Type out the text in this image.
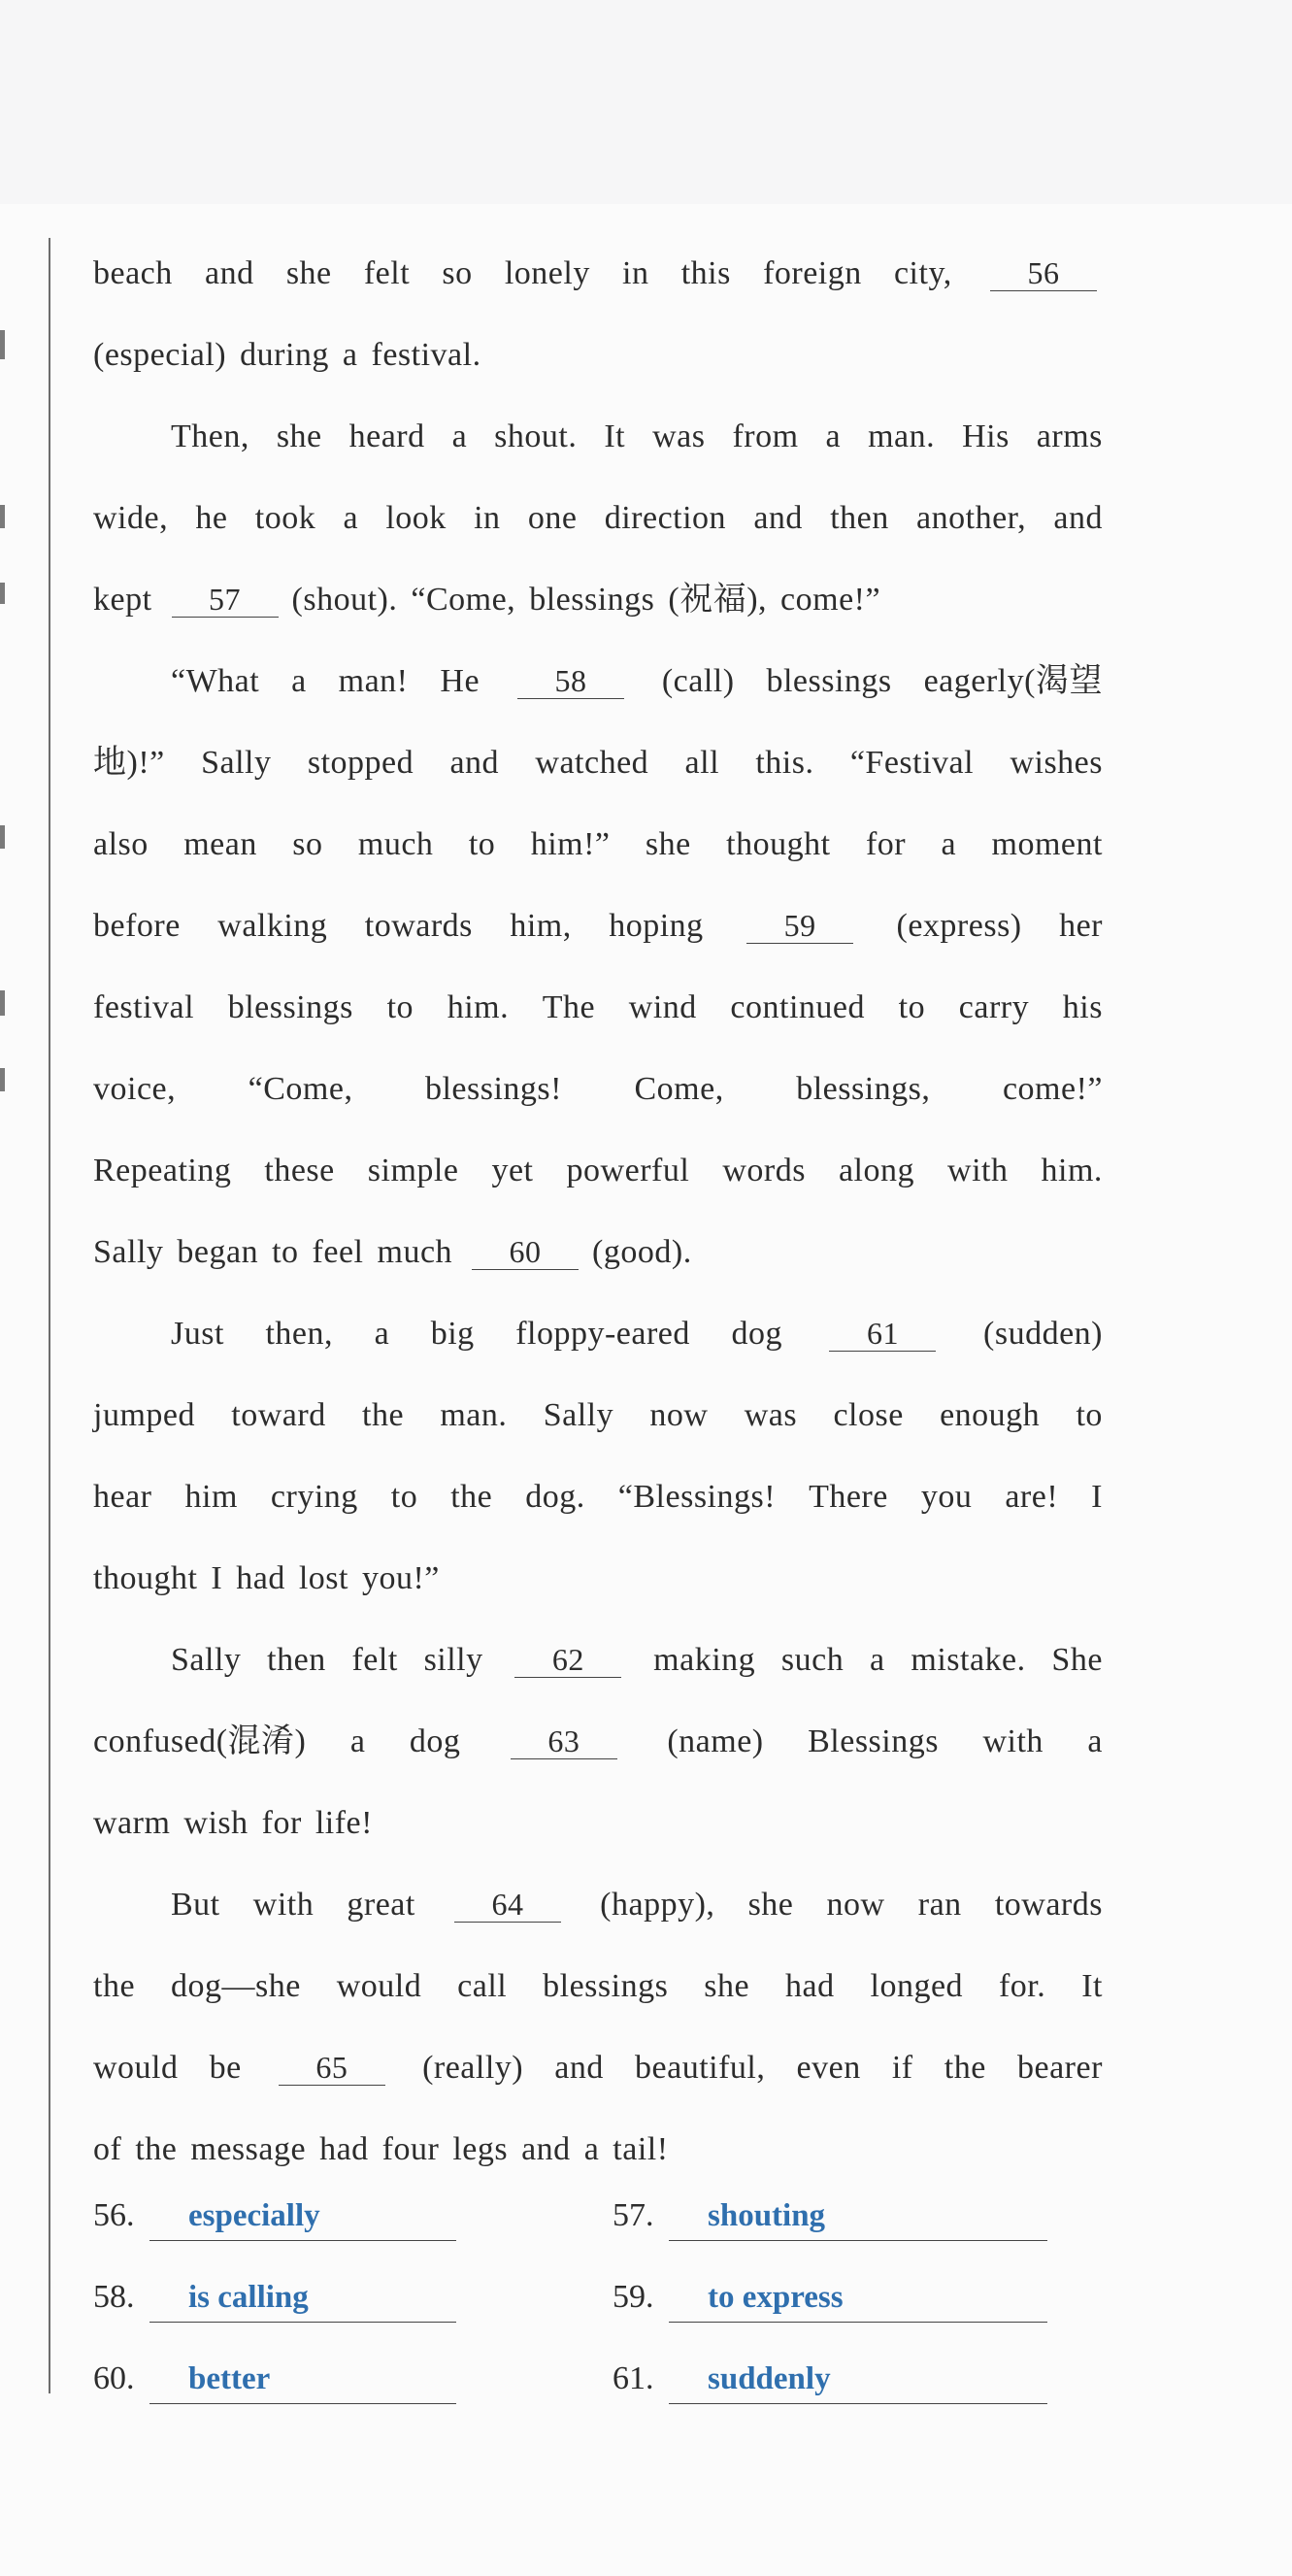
beach and she felt so lonely in this foreign city,	56
(especial) during a festival.
Then, she heard a shout. It was from a man. His arms
wide, he took a look in one direction and then another, and
kept	57	(shout). “Come, blessings (祝福), come!”
“What a man! He	58	(call) blessings eagerly(渴望
地)!” Sally stopped and watched all this. “Festival wishes
also mean so much to him!” she thought for a moment
before walking towards him, hoping	59	(express) her
festival blessings to him. The wind continued to carry his
voice, “Come, blessings! Come, blessings, come!”
Repeating these simple yet powerful words along with him.
Sally began to feel much	60	(good).
Just then, a big floppy-eared dog	61	(sudden)
jumped toward the man. Sally now was close enough to
hear him crying to the dog. “Blessings! There you are! I
thought I had lost you!”
Sally then felt silly	62	making such a mistake. She
confused(混淆) a dog	63	(name) Blessings with a
warm wish for life!
But with great	64	(happy), she now ran towards
the dog—she would call blessings she had longed for. It
would be	65	(really) and beautiful, even if the bearer
of the message had four legs and a tail!
56.	especially	57.	shouting
58.	is calling	59.	to express
60.	better	61.	suddenly
